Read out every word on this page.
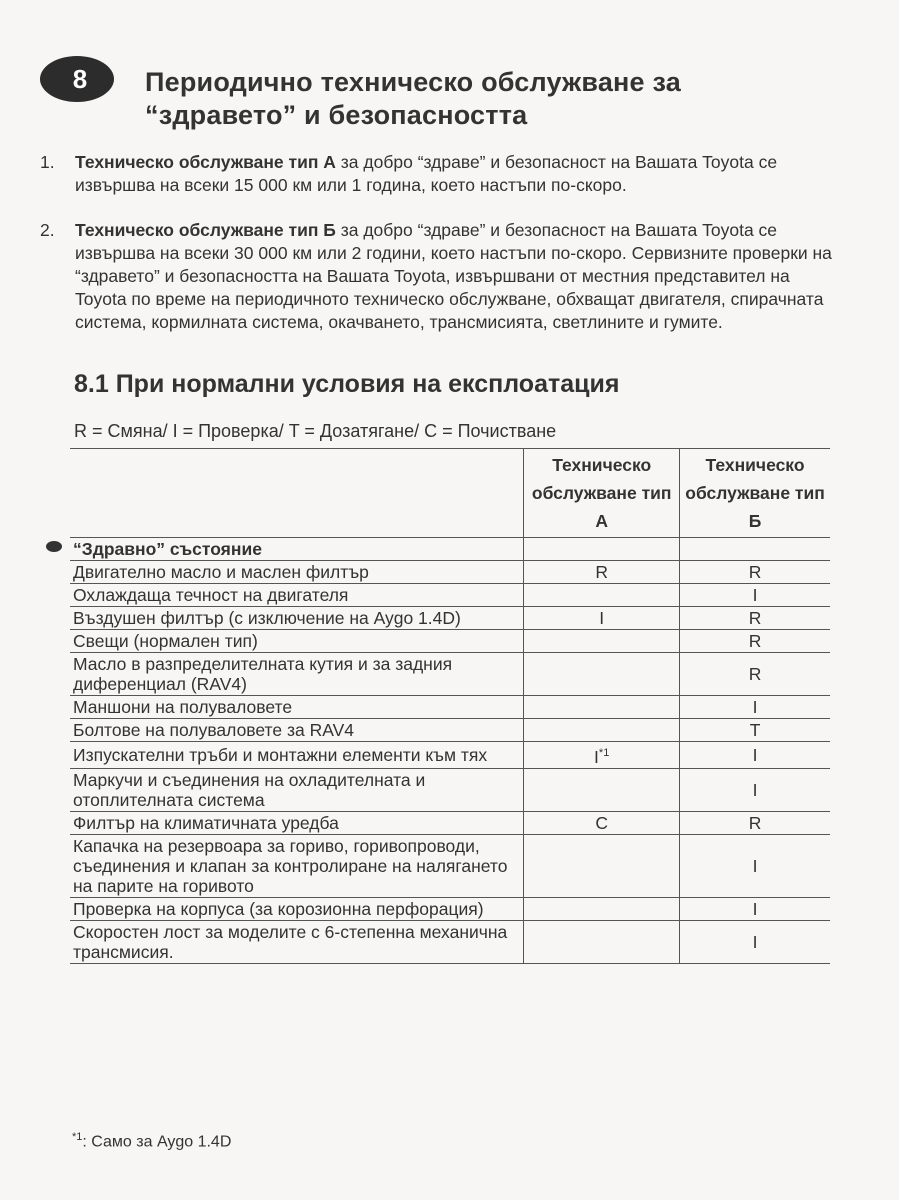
8 Периодично техническо обслужване за
“здравето” и безопасността
1.	Техническо обслужване тип А за добро “здраве” и безопасност на Вашата Toyota се извършва на всеки 15 000 км или 1 година, което настъпи по-скоро.
2.	Техническо обслужване тип Б за добро “здраве” и безопасност на Вашата Toyota се извършва на всеки 30 000 км или 2 години, което настъпи по-скоро. Сервизните проверки на “здравето” и безопасността на Вашата Toyota, извършвани от местния представител на Toyota по време на периодичното техническо обслужване, обхващат двигателя, спирачната система, кормилната система, окачването, трансмисията, светлините и гумите.
8.1 При нормални условия на експлоатация
R = Смяна/ I = Проверка/ T = Дозатягане/ C = Почистване
	Техническо обслужване тип А	Техническо обслужване тип Б
“Здравно” състояние		
Двигателно масло и маслен филтър	R	R
Охлаждаща течност на двигателя		I
Въздушен филтър (с изключение на Aygo 1.4D)	I	R
Свещи (нормален тип)		R
Масло в разпределителната кутия и за задния диференциал (RAV4)		R
Маншони на полуваловете		I
Болтове на полуваловете за RAV4		T
Изпускателни тръби и монтажни елементи към тях	$I^{*1}$	I
Маркучи и съединения на охладителната и отоплителната система		I
Филтър на климатичната уредба	C	R
Капачка на резервоара за гориво, горивопроводи, съединения и клапан за контролиране на налягането на парите на горивото		I
Проверка на корпуса (за корозионна перфорация)		I
Скоростен лост за моделите с 6-степенна механична трансмисия.		I
$^{*1}$: Само за Aygo 1.4D
